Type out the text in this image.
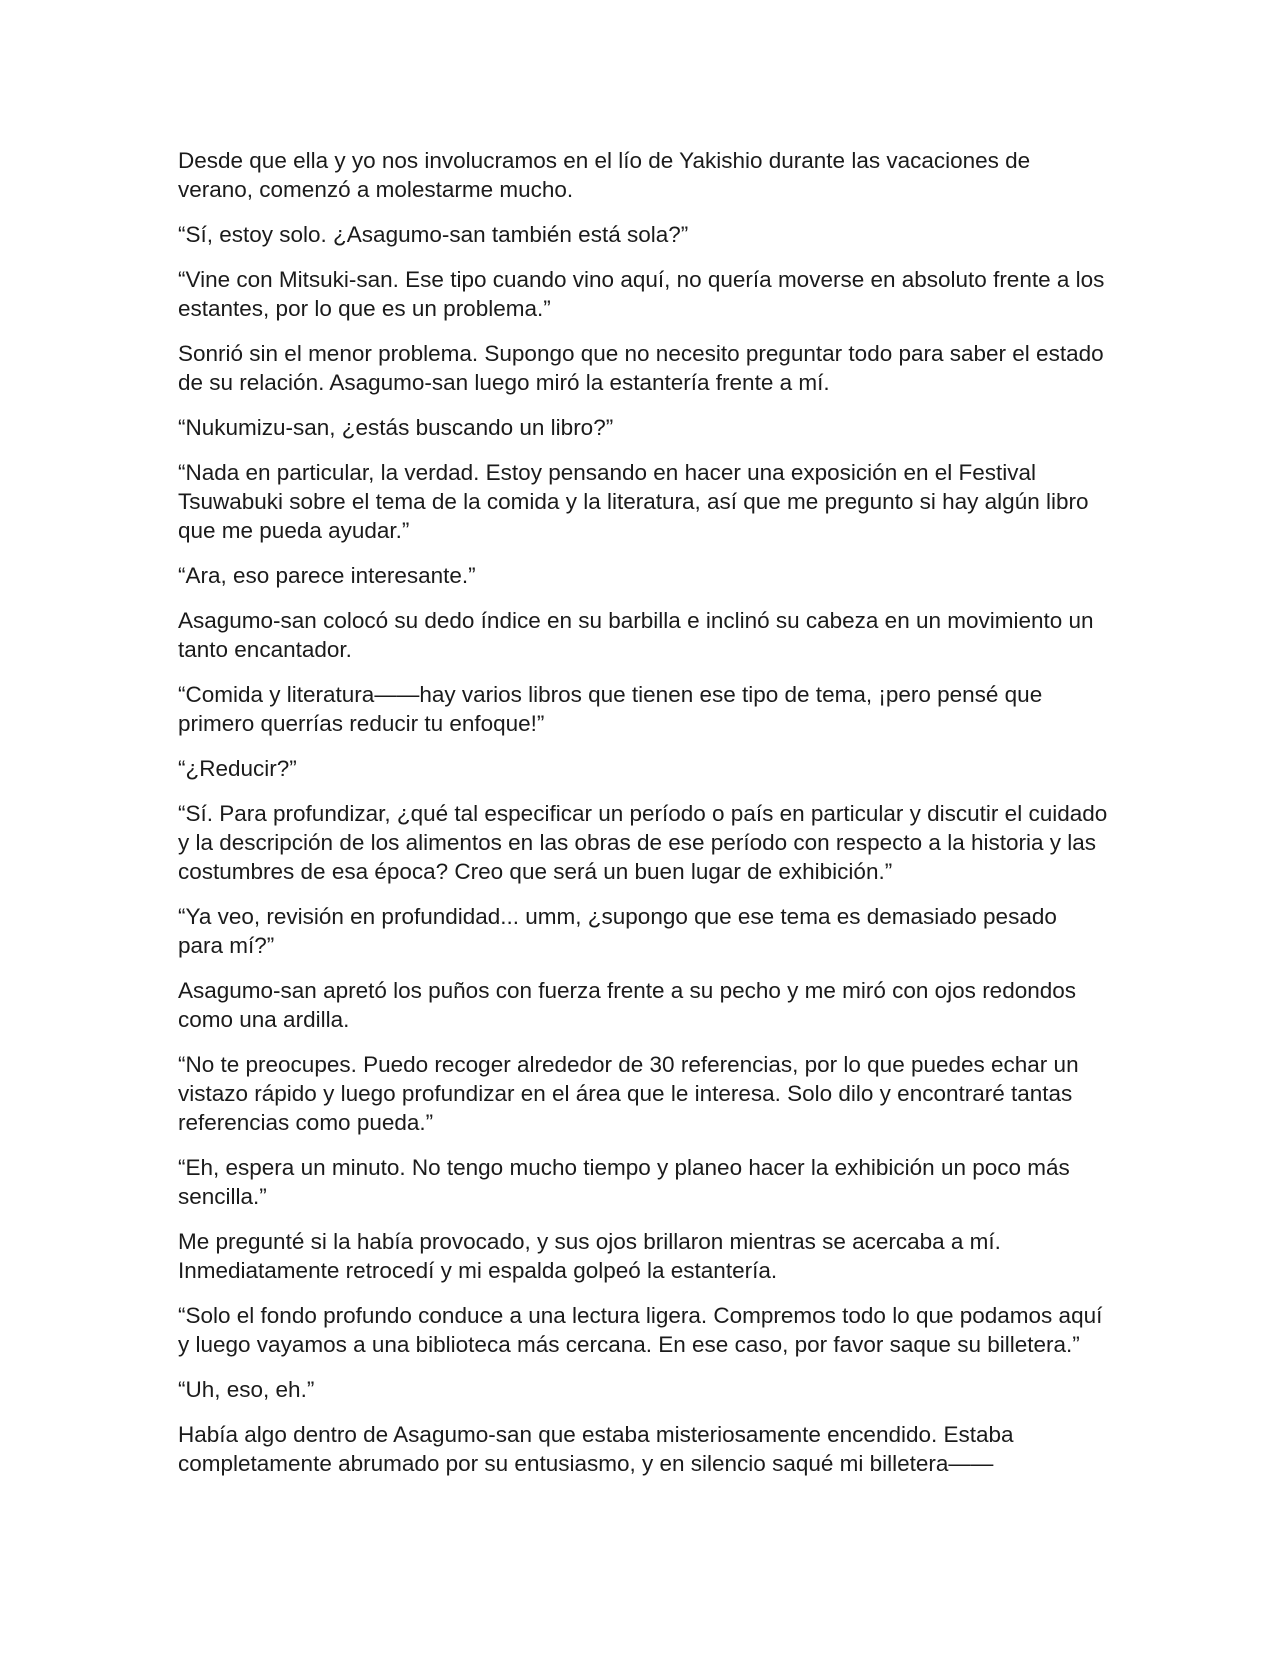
Desde que ella y yo nos involucramos en el lío de Yakishio durante las vacaciones de verano, comenzó a molestarme mucho.

“Sí, estoy solo. ¿Asagumo-san también está sola?”

“Vine con Mitsuki-san. Ese tipo cuando vino aquí, no quería moverse en absoluto frente a los estantes, por lo que es un problema.”

Sonrió sin el menor problema. Supongo que no necesito preguntar todo para saber el estado de su relación. Asagumo-san luego miró la estantería frente a mí.

“Nukumizu-san, ¿estás buscando un libro?”

“Nada en particular, la verdad. Estoy pensando en hacer una exposición en el Festival Tsuwabuki sobre el tema de la comida y la literatura, así que me pregunto si hay algún libro que me pueda ayudar.”

“Ara, eso parece interesante.”

Asagumo-san colocó su dedo índice en su barbilla e inclinó su cabeza en un movimiento un tanto encantador.

“Comida y literatura——hay varios libros que tienen ese tipo de tema, ¡pero pensé que primero querrías reducir tu enfoque!”

“¿Reducir?”

“Sí. Para profundizar, ¿qué tal especificar un período o país en particular y discutir el cuidado y la descripción de los alimentos en las obras de ese período con respecto a la historia y las costumbres de esa época? Creo que será un buen lugar de exhibición.”

“Ya veo, revisión en profundidad... umm, ¿supongo que ese tema es demasiado pesado para mí?”

Asagumo-san apretó los puños con fuerza frente a su pecho y me miró con ojos redondos como una ardilla.

“No te preocupes. Puedo recoger alrededor de 30 referencias, por lo que puedes echar un vistazo rápido y luego profundizar en el área que le interesa. Solo dilo y encontraré tantas referencias como pueda.”

“Eh, espera un minuto. No tengo mucho tiempo y planeo hacer la exhibición un poco más sencilla.”

Me pregunté si la había provocado, y sus ojos brillaron mientras se acercaba a mí. Inmediatamente retrocedí y mi espalda golpeó la estantería.

“Solo el fondo profundo conduce a una lectura ligera. Compremos todo lo que podamos aquí y luego vayamos a una biblioteca más cercana. En ese caso, por favor saque su billetera.”

“Uh, eso, eh.”

Había algo dentro de Asagumo-san que estaba misteriosamente encendido. Estaba completamente abrumado por su entusiasmo, y en silencio saqué mi billetera——
